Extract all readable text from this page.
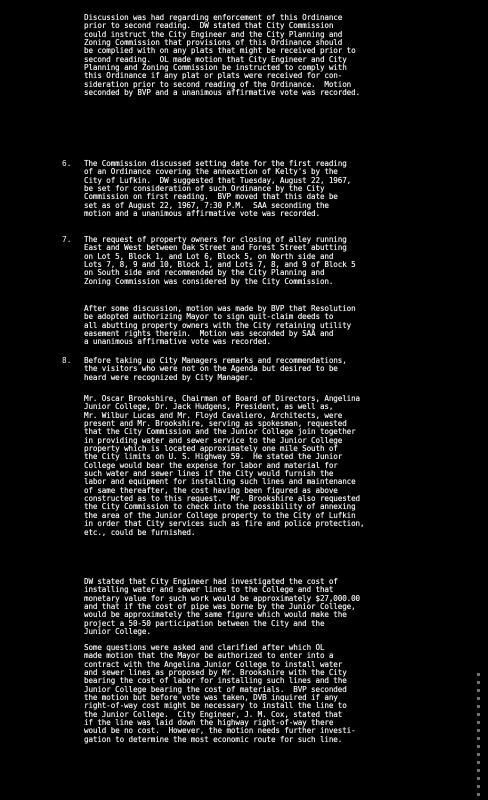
Discussion was had regarding enforcement of this Ordinance
prior to second reading.  DW stated that City Commission
could instruct the City Engineer and the City Planning and
Zoning Commission that provisions of this Ordinance should
be complied with on any plats that might be received prior to
second reading.  OL made motion that City Engineer and City
Planning and Zoning Commission be instructed to comply with
this Ordinance if any plat or plats were received for con-
sideration prior to second reading of the Ordinance.  Motion
seconded by BVP and a unanimous affirmative vote was recorded.
6. The Commission discussed setting date for the first reading
of an Ordinance covering the annexation of Kelty's by the
City of Lufkin.  DW suggested that Tuesday, August 22, 1967,
be set for consideration of such Ordinance by the City
Commission on first reading.  BVP moved that this date be
set as of August 22, 1967, 7:30 P.M.  SAA seconding the
motion and a unanimous affirmative vote was recorded.
7. The request of property owners for closing of alley running
East and West between Oak Street and Forest Street abutting
on Lot 5, Block 1, and Lot 6, Block 5, on North side and
Lots 7, 8, 9 and 10, Block 1, and Lots 7, 8, and 9 of Block 5
on South side and recommended by the City Planning and
Zoning Commission was considered by the City Commission.
After some discussion, motion was made by BVP that Resolution
be adopted authorizing Mayor to sign quit-claim deeds to
all abutting property owners with the City retaining utility
easement rights therein.  Motion was seconded by SAA and
a unanimous affirmative vote was recorded.
8. Before taking up City Managers remarks and recommendations,
the visitors who were not on the Agenda but desired to be
heard were recognized by City Manager.
Mr. Oscar Brookshire, Chairman of Board of Directors, Angelina
Junior College, Dr. Jack Hudgens, President, as well as,
Mr. Wilbur Lucas and Mr. Floyd Cavaliero, Architects, were
present and Mr. Brookshire, serving as spokesman, requested
that the City Commission and the Junior College join together
in providing water and sewer service to the Junior College
property which is located approximately one mile South of
the City limits on U. S. Highway 59.  He stated the Junior
College would bear the expense for labor and material for
such water and sewer lines if the City would furnish the
labor and equipment for installing such lines and maintenance
of same thereafter, the cost having been figured as above
constructed as to this request.  Mr. Brookshire also requested
the City Commission to check into the possibility of annexing
the area of the Junior College property to the City of Lufkin
in order that City services such as fire and police protection,
etc., could be furnished.
DW stated that City Engineer had investigated the cost of
installing water and sewer lines to the College and that
monetary value for such work would be approximately $27,000.00
and that if the cost of pipe was borne by the Junior College,
would be approximately the same figure which would make the
project a 50-50 participation between the City and the
Junior College.
Some questions were asked and clarified after which OL
made motion that the Mayor be authorized to enter into a
contract with the Angelina Junior College to install water
and sewer lines as proposed by Mr. Brookshire with the City
bearing the cost of labor for installing such lines and the
Junior College bearing the cost of materials.  BVP seconded
the motion but before vote was taken, DVB inquired if any
right-of-way cost might be necessary to install the line to
the Junior College.  City Engineer, J. M. Cox, stated that
if the line was laid down the highway right-of-way there
would be no cost.  However, the motion needs further investi-
gation to determine the most economic route for such line.
